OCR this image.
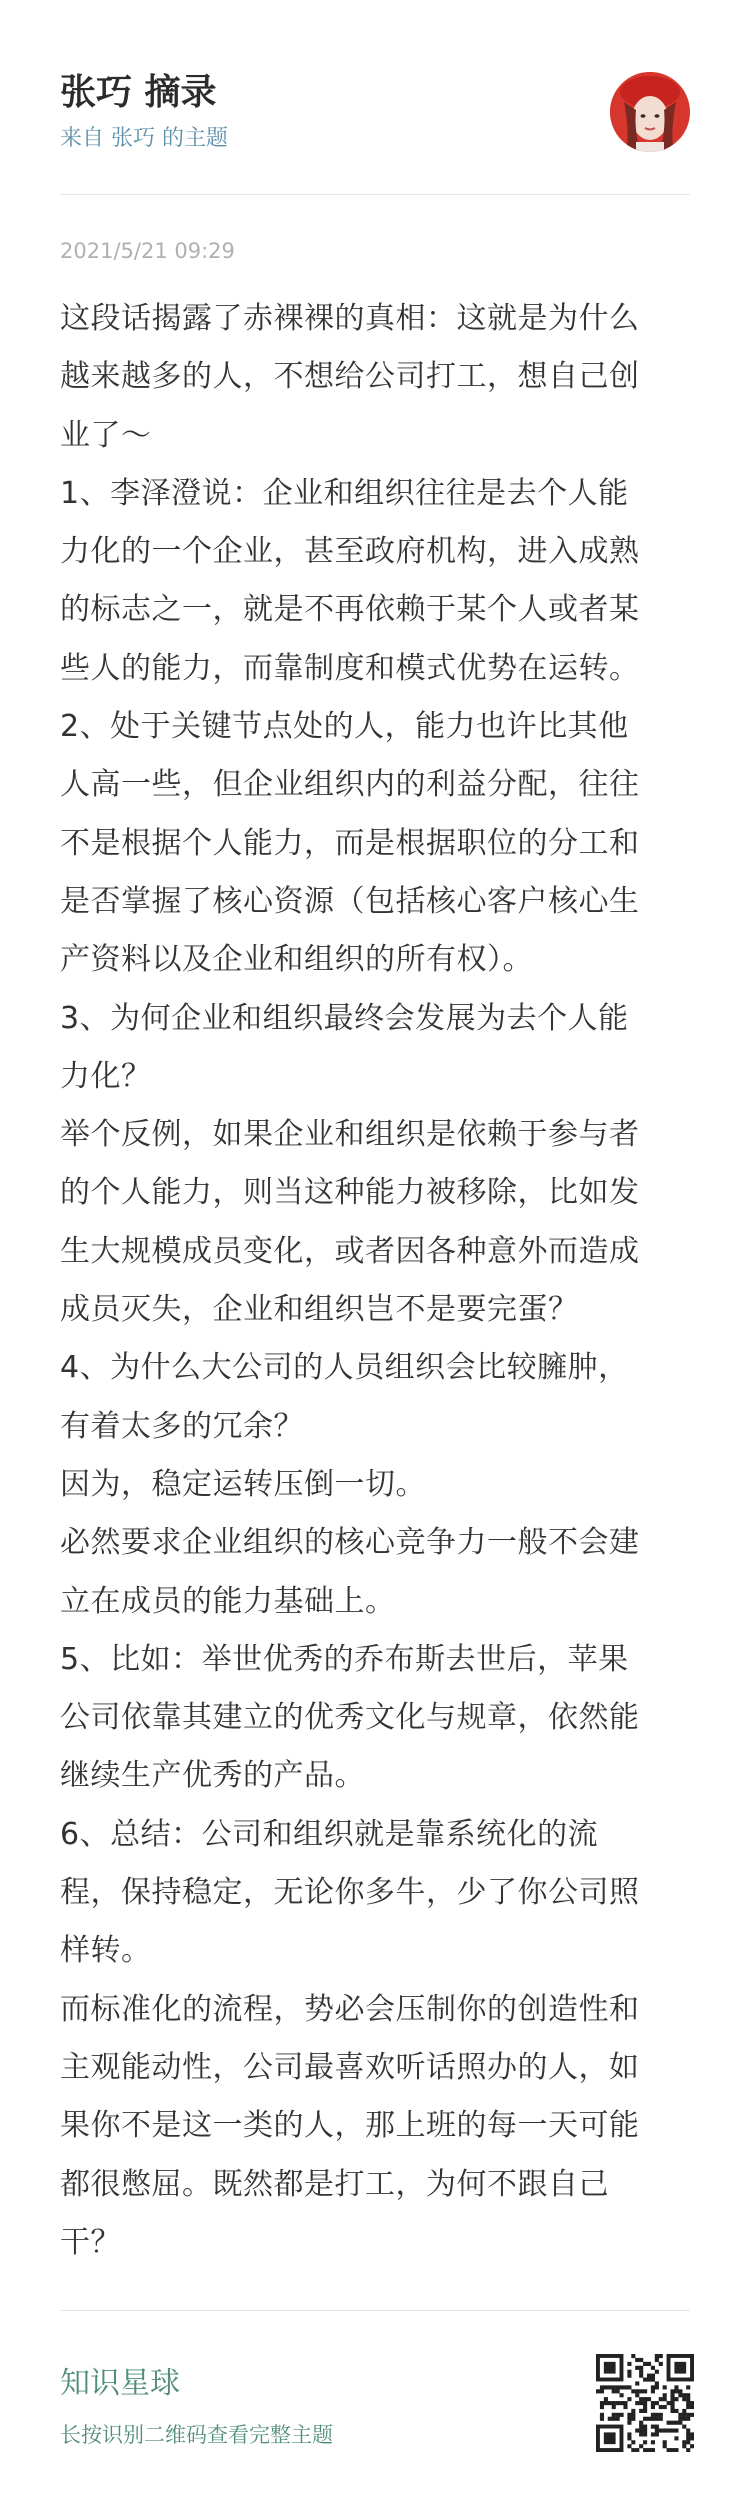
张巧 摘录
来自 张巧 的主题
2021/5/21 09:29
这段话揭露了赤裸裸的真相：这就是为什么
越来越多的人，不想给公司打工，想自己创
业了～
1、李泽澄说：企业和组织往往是去个人能
力化的一个企业，甚至政府机构，进入成熟
的标志之一，就是不再依赖于某个人或者某
些人的能力，而靠制度和模式优势在运转。
2、处于关键节点处的人，能力也许比其他
人高一些，但企业组织内的利益分配，往往
不是根据个人能力，而是根据职位的分工和
是否掌握了核心资源（包括核心客户核心生
产资料以及企业和组织的所有权）。
3、为何企业和组织最终会发展为去个人能
力化？
举个反例，如果企业和组织是依赖于参与者
的个人能力，则当这种能力被移除，比如发
生大规模成员变化，或者因各种意外而造成
成员灭失，企业和组织岂不是要完蛋？
4、为什么大公司的人员组织会比较臃肿，
有着太多的冗余？
因为，稳定运转压倒一切。
必然要求企业组织的核心竞争力一般不会建
立在成员的能力基础上。
5、比如：举世优秀的乔布斯去世后，苹果
公司依靠其建立的优秀文化与规章，依然能
继续生产优秀的产品。
6、总结：公司和组织就是靠系统化的流
程，保持稳定，无论你多牛，少了你公司照
样转。
而标准化的流程，势必会压制你的创造性和
主观能动性，公司最喜欢听话照办的人，如
果你不是这一类的人，那上班的每一天可能
都很憋屈。既然都是打工，为何不跟自己
干？
知识星球
长按识别二维码查看完整主题
